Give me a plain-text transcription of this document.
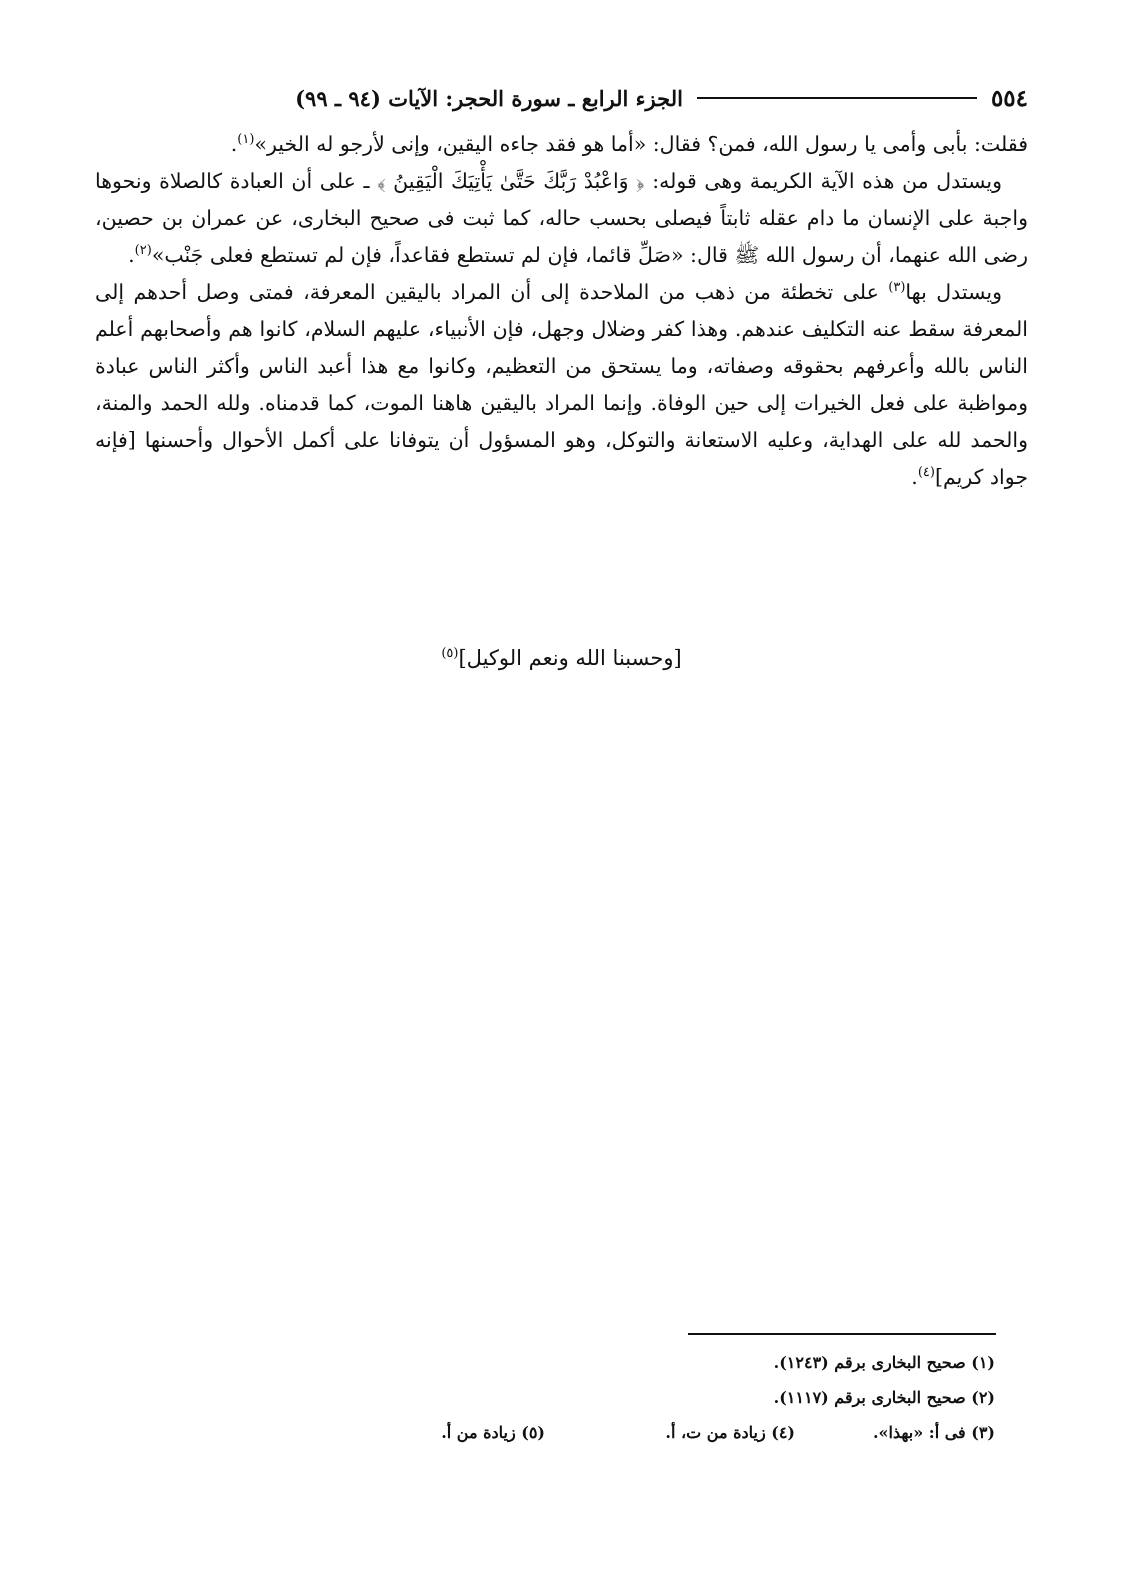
٥٥٤
الجزء الرابع ـ سورة الحجر: الآيات (٩٤ ـ ٩٩)

فقلت: بأبى وأمى يا رسول الله، فمن؟ فقال: «أما هو فقد جاءه اليقين، وإنى لأرجو له الخير»$^{(١)}$.

ويستدل من هذه الآية الكريمة وهى قوله: ﴿ وَاعْبُدْ رَبَّكَ حَتَّىٰ يَأْتِيَكَ الْيَقِينُ ﴾ ـ على أن العبادة كالصلاة ونحوها واجبة على الإنسان ما دام عقله ثابتاً فيصلى بحسب حاله، كما ثبت فى صحيح البخارى، عن عمران بن حصين، رضى الله عنهما، أن رسول الله ﷺ قال: «صَلِّ قائما، فإن لم تستطع فقاعداً، فإن لم تستطع فعلى جَنْب»$^{(٢)}$.

ويستدل بها$^{(٣)}$ على تخطئة من ذهب من الملاحدة إلى أن المراد باليقين المعرفة، فمتى وصل أحدهم إلى المعرفة سقط عنه التكليف عندهم. وهذا كفر وضلال وجهل، فإن الأنبياء، عليهم السلام، كانوا هم وأصحابهم أعلم الناس بالله وأعرفهم بحقوقه وصفاته، وما يستحق من التعظيم، وكانوا مع هذا أعبد الناس وأكثر الناس عبادة ومواظبة على فعل الخيرات إلى حين الوفاة. وإنما المراد باليقين هاهنا الموت، كما قدمناه. ولله الحمد والمنة، والحمد لله على الهداية، وعليه الاستعانة والتوكل، وهو المسؤول أن يتوفانا على أكمل الأحوال وأحسنها [فإنه جواد كريم]$^{(٤)}$.

[وحسبنا الله ونعم الوكيل]$^{(٥)}$

(١) صحيح البخارى برقم (١٢٤٣).

(٢) صحيح البخارى برقم (١١١٧).

(٣) فى أ: «بهذا».
(٤) زيادة من ت، أ.
(٥) زيادة من أ.
